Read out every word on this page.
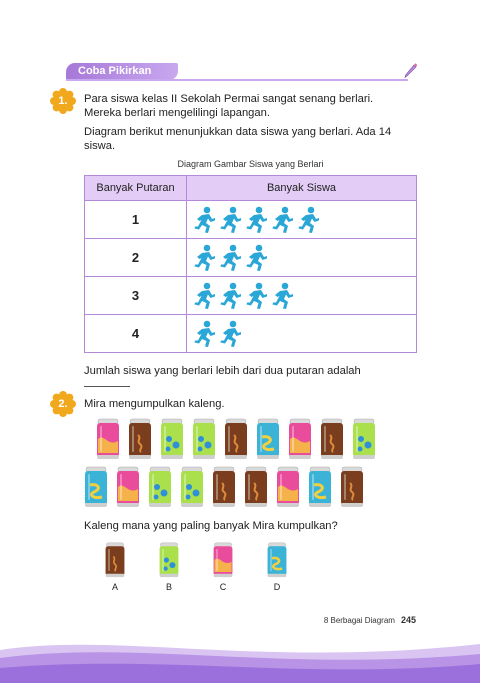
Coba Pikirkan
1.	Para siswa kelas II Sekolah Permai sangat senang berlari.
Mereka berlari mengelilingi lapangan.
Diagram berikut menunjukkan data siswa yang berlari. Ada 14
siswa.
Diagram Gambar Siswa yang Berlari
Banyak Putaran	Banyak Siswa
1	
2	
3	
4	
Jumlah siswa yang berlari lebih dari dua putaran adalah
2.	Mira mengumpulkan kaleng.
Kaleng mana yang paling banyak Mira kumpulkan?
A	B	C	D
8 Berbagai Diagram 245
